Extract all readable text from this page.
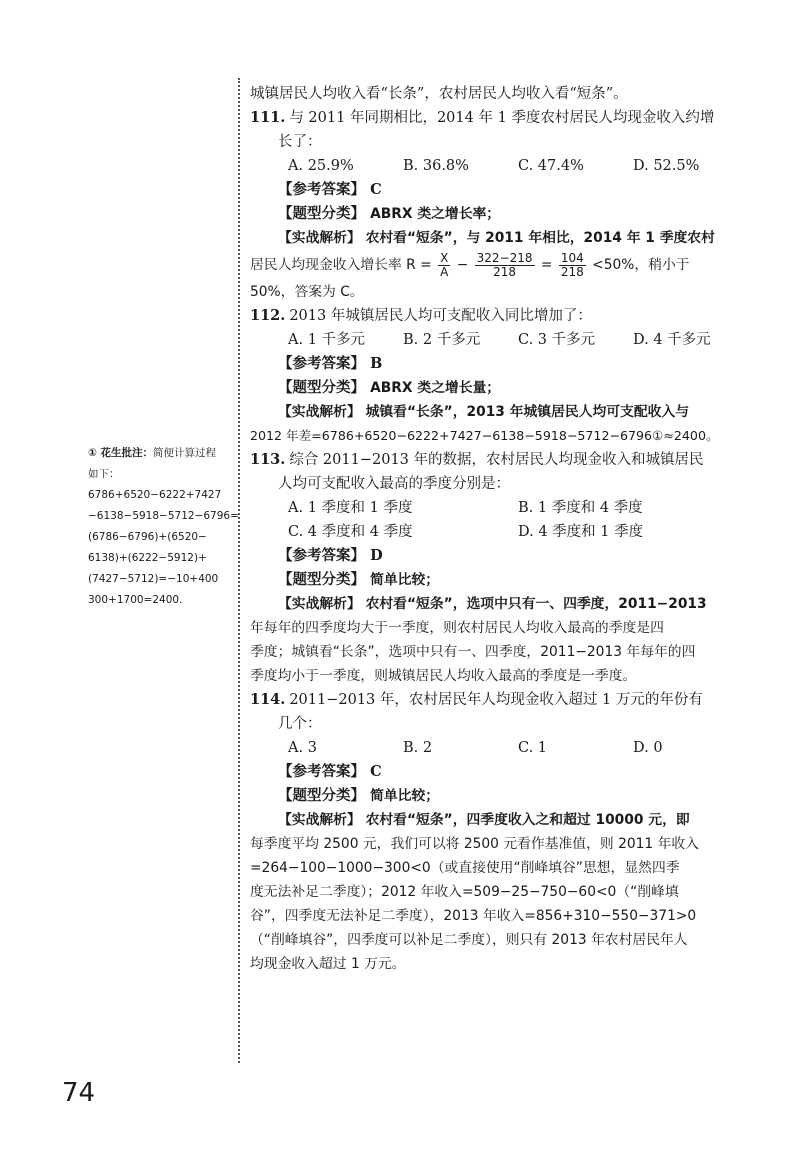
① 花生批注：简便计算过程
如下：
6786+6520−6222+7427
−6138−5918−5712−6796=
(6786−6796)+(6520−
6138)+(6222−5912)+
(7427−5712)=−10+400
300+1700=2400.

城镇居民人均收入看“长条”，农村居民人均收入看“短条”。

111. 与 2011 年同期相比，2014 年 1 季度农村居民人均现金收入约增

长了：

A. 25.9%	B. 36.8%	C. 47.4%	D. 52.5%

【参考答案】 C

【题型分类】 ABRX 类之增长率；

【实战解析】 农村看“短条”，与 2011 年相比，2014 年 1 季度农村

居民人均现金收入增长率 $R = \frac{X}{A} - \frac{322-218}{218} = \frac{104}{218} <50\%$，稍小于

50%，答案为 C。

112. 2013 年城镇居民人均可支配收入同比增加了：

A. 1 千多元	B. 2 千多元	C. 3 千多元	D. 4 千多元

【参考答案】 B

【题型分类】 ABRX 类之增长量；

【实战解析】 城镇看“长条”，2013 年城镇居民人均可支配收入与

2012 年差=6786+6520−6222+7427−6138−5918−5712−6796①≈2400。

113. 综合 2011−2013 年的数据，农村居民人均现金收入和城镇居民

人均可支配收入最高的季度分别是：

A. 1 季度和 1 季度	B. 1 季度和 4 季度
C. 4 季度和 4 季度	D. 4 季度和 1 季度

【参考答案】 D

【题型分类】 简单比较；

【实战解析】 农村看“短条”，选项中只有一、四季度，2011−2013

年每年的四季度均大于一季度，则农村居民人均收入最高的季度是四

季度；城镇看“长条”，选项中只有一、四季度，2011−2013 年每年的四

季度均小于一季度，则城镇居民人均收入最高的季度是一季度。

114. 2011−2013 年，农村居民年人均现金收入超过 1 万元的年份有

几个：

A. 3	B. 2	C. 1	D. 0

【参考答案】 C

【题型分类】 简单比较；

【实战解析】 农村看“短条”，四季度收入之和超过 10000 元，即

每季度平均 2500 元，我们可以将 2500 元看作基准值，则 2011 年收入

=264−100−1000−300<0（或直接使用“削峰填谷”思想，显然四季

度无法补足二季度）；2012 年收入=509−25−750−60<0（“削峰填

谷”，四季度无法补足二季度），2013 年收入=856+310−550−371>0

（“削峰填谷”，四季度可以补足二季度），则只有 2013 年农村居民年人

均现金收入超过 1 万元。

74
